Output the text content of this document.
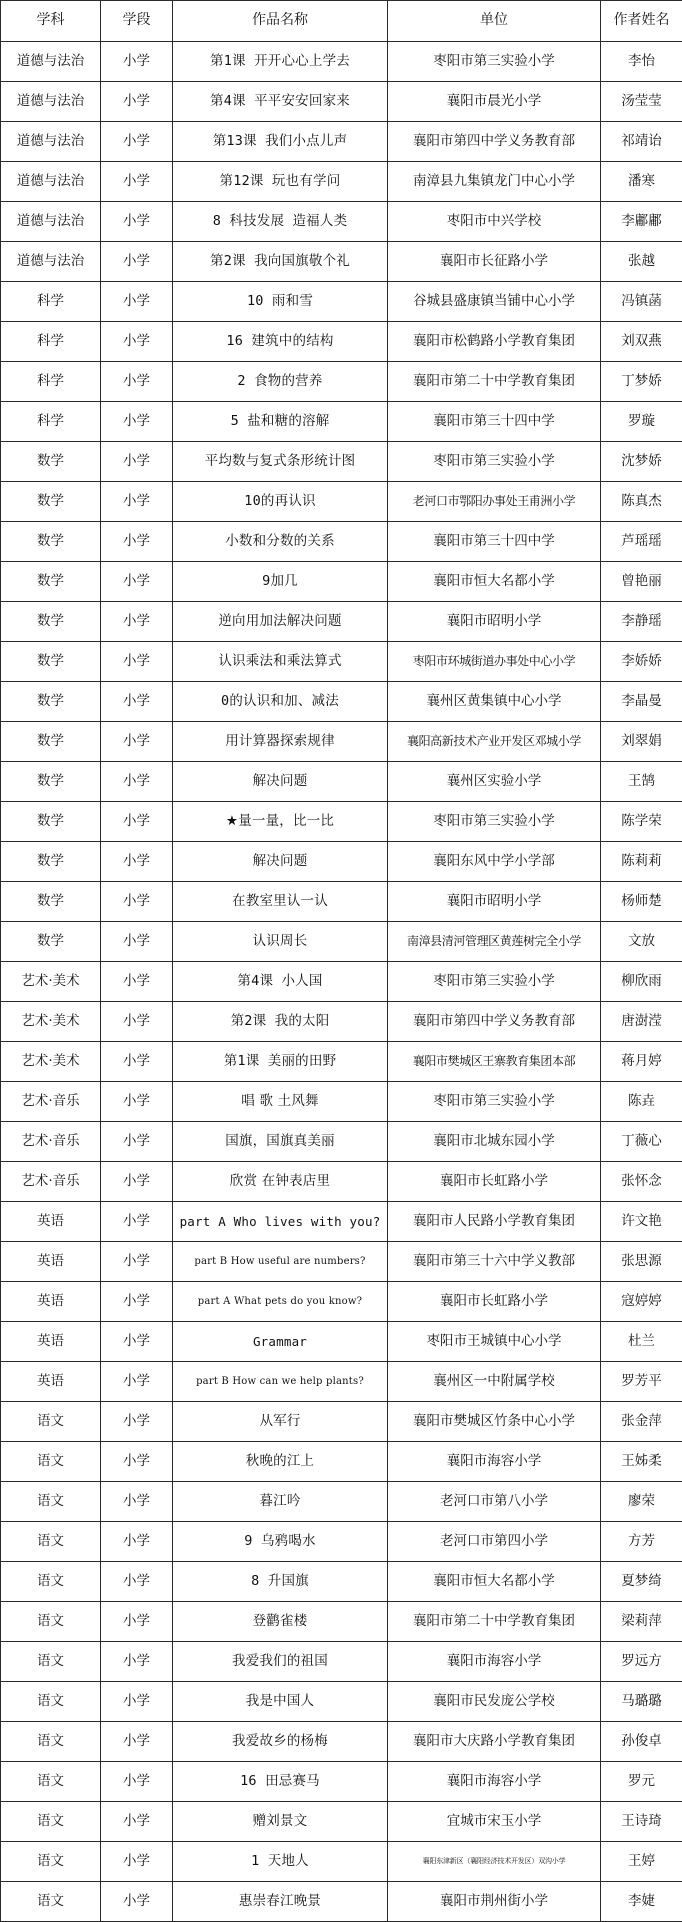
学科	学段	作品名称	单位	作者姓名
道德与法治	小学	第1课 开开心心上学去	枣阳市第三实验小学	李怡
道德与法治	小学	第4课 平平安安回家来	襄阳市晨光小学	汤莹莹
道德与法治	小学	第13课 我们小点儿声	襄阳市第四中学义务教育部	祁靖诒
道德与法治	小学	第12课 玩也有学问	南漳县九集镇龙门中心小学	潘寒
道德与法治	小学	8 科技发展 造福人类	枣阳市中兴学校	李鄘鄘
道德与法治	小学	第2课 我向国旗敬个礼	襄阳市长征路小学	张越
科学	小学	10 雨和雪	谷城县盛康镇当铺中心小学	冯镇菡
科学	小学	16 建筑中的结构	襄阳市松鹤路小学教育集团	刘双燕
科学	小学	2 食物的营养	襄阳市第二十中学教育集团	丁梦娇
科学	小学	5 盐和糖的溶解	襄阳市第三十四中学	罗璇
数学	小学	平均数与复式条形统计图	枣阳市第三实验小学	沈梦娇
数学	小学	10的再认识	老河口市鄂阳办事处王甫洲小学	陈真杰
数学	小学	小数和分数的关系	襄阳市第三十四中学	芦瑶瑶
数学	小学	9加几	襄阳市恒大名都小学	曾艳丽
数学	小学	逆向用加法解决问题	襄阳市昭明小学	李静瑶
数学	小学	认识乘法和乘法算式	枣阳市环城街道办事处中心小学	李娇娇
数学	小学	0的认识和加、减法	襄州区黄集镇中心小学	李晶曼
数学	小学	用计算器探索规律	襄阳高新技术产业开发区邓城小学	刘翠娟
数学	小学	解决问题	襄州区实验小学	王鹄
数学	小学	★量一量，比一比	枣阳市第三实验小学	陈学荣
数学	小学	解决问题	襄阳东风中学小学部	陈莉莉
数学	小学	在教室里认一认	襄阳市昭明小学	杨师楚
数学	小学	认识周长	南漳县清河管理区黄莲树完全小学	文放
艺术·美术	小学	第4课 小人国	枣阳市第三实验小学	柳欣雨
艺术·美术	小学	第2课 我的太阳	襄阳市第四中学义务教育部	唐澍滢
艺术·美术	小学	第1课 美丽的田野	襄阳市樊城区王寨教育集团本部	蒋月婷
艺术·音乐	小学	唱 歌 土风舞	枣阳市第三实验小学	陈垚
艺术·音乐	小学	国旗，国旗真美丽	襄阳市北城东园小学	丁薇心
艺术·音乐	小学	欣赏 在钟表店里	襄阳市长虹路小学	张怀念
英语	小学	part A Who lives with you?	襄阳市人民路小学教育集团	许文艳
英语	小学	part B How useful are numbers?	襄阳市第三十六中学义教部	张思源
英语	小学	part A What pets do you know?	襄阳市长虹路小学	寇婷婷
英语	小学	Grammar	枣阳市王城镇中心小学	杜兰
英语	小学	part B How can we help plants?	襄州区一中附属学校	罗芳平
语文	小学	从军行	襄阳市樊城区竹条中心小学	张金萍
语文	小学	秋晚的江上	襄阳市海容小学	王姊柔
语文	小学	暮江吟	老河口市第八小学	廖荣
语文	小学	9 乌鸦喝水	老河口市第四小学	方芳
语文	小学	8 升国旗	襄阳市恒大名都小学	夏梦绮
语文	小学	登鹳雀楼	襄阳市第二十中学教育集团	梁莉萍
语文	小学	我爱我们的祖国	襄阳市海容小学	罗远方
语文	小学	我是中国人	襄阳市民发庞公学校	马璐璐
语文	小学	我爱故乡的杨梅	襄阳市大庆路小学教育集团	孙俊卓
语文	小学	16 田忌赛马	襄阳市海容小学	罗元
语文	小学	赠刘景文	宜城市宋玉小学	王诗琦
语文	小学	1 天地人	襄阳东津新区（襄阳经济技术开发区）双沟小学	王婷
语文	小学	惠崇春江晚景	襄阳市荆州街小学	李婕
